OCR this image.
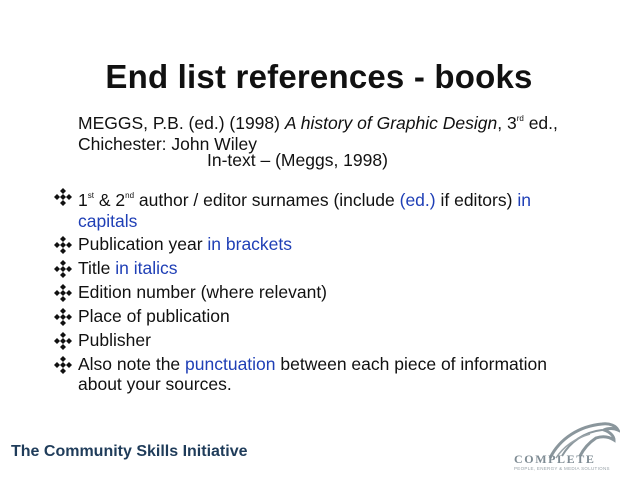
End list references - books
MEGGS, P.B. (ed.) (1998) A history of Graphic Design, 3rd ed., Chichester: John Wiley
In-text – (Meggs, 1998)
1st & 2nd author / editor surnames (include (ed.) if editors) in capitals
Publication year in brackets
Title in italics
Edition number (where relevant)
Place of publication
Publisher
Also note the punctuation between each piece of information about your sources.
The Community Skills Initiative	COMPLETE
PEOPLE, ENERGY & MEDIA SOLUTIONS
